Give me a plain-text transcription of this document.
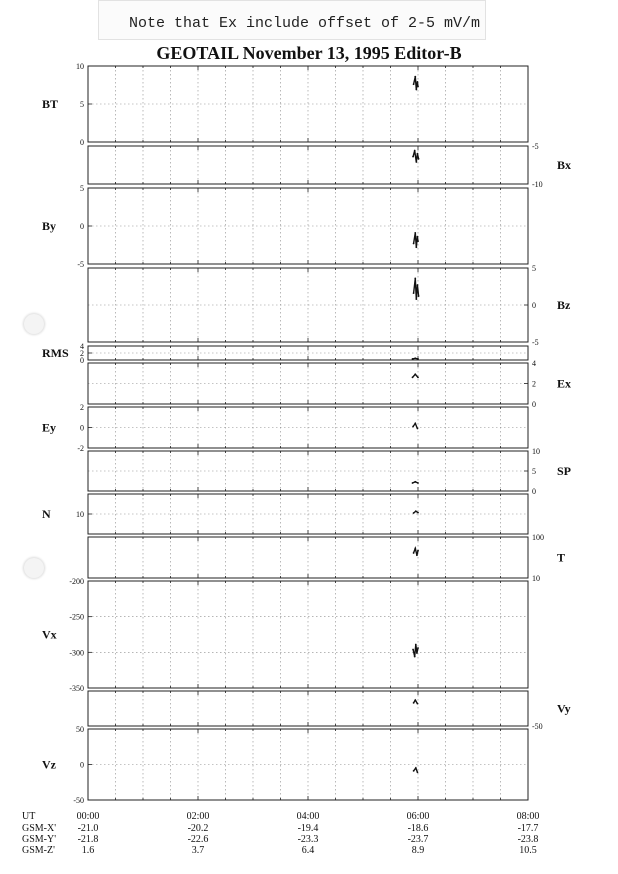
Note that Ex include offset of 2-5 mV/m
GEOTAIL November 13, 1995 Editor-B
0
5
10
BT
-10
-5
Bx
-5
0
5
By
-5
0
5
Bz
0
2
4
RMS
0
2
4
Ex
-2
0
2
Ey
0
5
10
SP
10
N
10
100
T
-350
-300
-250
-200
Vx
-50
Vy
-50
0
50
Vz
UT	00:00	02:00	04:00	06:00	08:00
GSM-X' -21.0	-20.2	-19.4	-18.6	-17.7
GSM-Y' -21.8	-22.6	-23.3	-23.7	-23.8
GSM-Z'	1.6	3.7	6.4	8.9	10.5
